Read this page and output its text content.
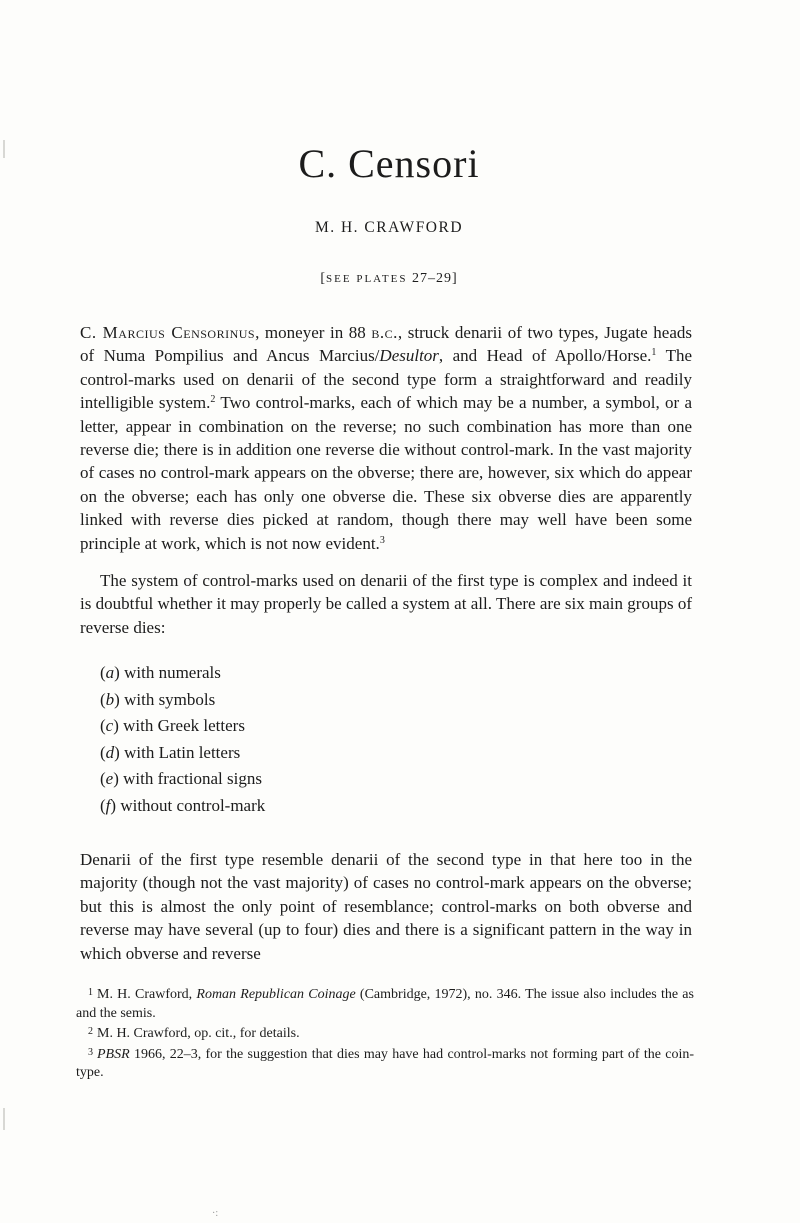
C. Censori
M. H. CRAWFORD
[SEE PLATES 27–29]

C. Marcius Censorinus, moneyer in 88 b.c., struck denarii of two types, Jugate heads of Numa Pompilius and Ancus Marcius/Desultor, and Head of Apollo/Horse.$^1$ The control-marks used on denarii of the second type form a straightforward and readily intelligible system.$^2$ Two control-marks, each of which may be a number, a symbol, or a letter, appear in combination on the reverse; no such combination has more than one reverse die; there is in addition one reverse die without control-mark. In the vast majority of cases no control-mark appears on the obverse; there are, however, six which do appear on the obverse; each has only one obverse die. These six obverse dies are apparently linked with reverse dies picked at random, though there may well have been some principle at work, which is not now evident.$^3$

The system of control-marks used on denarii of the first type is complex and indeed it is doubtful whether it may properly be called a system at all. There are six main groups of reverse dies:

(a) with numerals
(b) with symbols
(c) with Greek letters
(d) with Latin letters
(e) with fractional signs
(f) without control-mark

Denarii of the first type resemble denarii of the second type in that here too in the majority (though not the vast majority) of cases no control-mark appears on the obverse; but this is almost the only point of resemblance; control-marks on both obverse and reverse may have several (up to four) dies and there is a significant pattern in the way in which obverse and reverse

$^1$ M. H. Crawford, Roman Republican Coinage (Cambridge, 1972), no. 346. The issue also includes the as and the semis.

$^2$ M. H. Crawford, op. cit., for details.

$^3$ PBSR 1966, 22–3, for the suggestion that dies may have had control-marks not forming part of the coin-type.

·:
